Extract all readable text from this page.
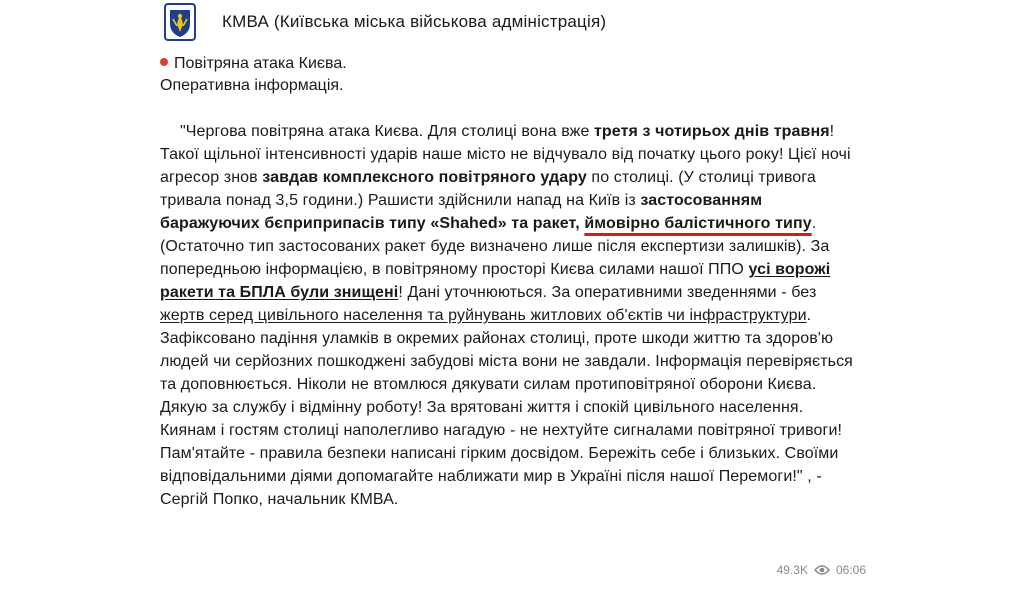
КМВА (Київська міська військова адміністрація)
Повітряна атака Києва.
Оперативна інформація.

"Чергова повітряна атака Києва. Для столиці вона вже третя з чотирьох днів травня! Такої щільної інтенсивності ударів наше місто не відчувало від початку цього року! Цієї ночі агресор знов завдав комплексного повітряного удару по столиці. (У столиці тривога тривала понад 3,5 години.) Рашисти здійснили напад на Київ із застосованням баражуючих бєприприпасів типу «Shahed» та ракет, ймовірно балістичного типу. (Остаточно тип застосованих ракет буде визначено лише після експертизи залишків). За попередньою інформацією, в повітряному просторі Києва силами нашої ППО усі ворожі ракети та БПЛА були знищені! Дані уточнюються. За оперативними зведеннями - без жертв серед цивільного населення та руйнувань житлових об'єктів чи інфраструктури. Зафіксовано падіння уламків в окремих районах столиці, проте шкоди життю та здоров'ю людей чи серйозних пошкоджені забудові міста вони не завдали. Інформація перевіряється та доповнюється. Ніколи не втомлюся дякувати силам протиповітряної оборони Києва. Дякую за службу і відмінну роботу! За врятовані життя і спокій цивільного населення. Киянам і гостям столиці наполегливо нагадую - не нехтуйте сигналами повітряної тривоги! Пам'ятайте - правила безпеки написані гірким досвідом. Бережіть себе і близьких. Своїми відповідальними діями допомагайте наближати мир в Україні після нашої Перемоги!" , - Сергій Попко, начальник КМВА.

49.3K 06:06
